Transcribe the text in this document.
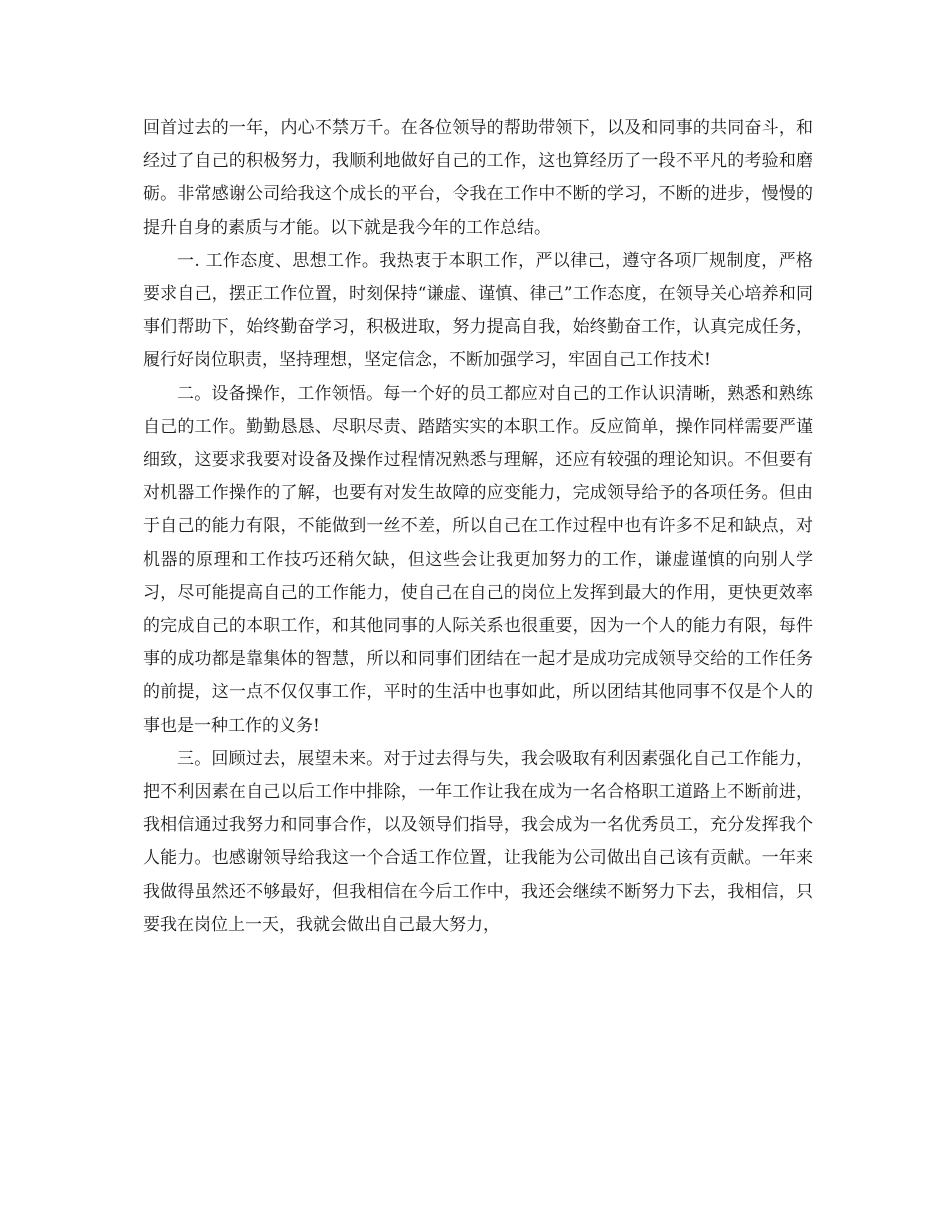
回首过去的一年，内心不禁万千。在各位领导的帮助带领下，以及和同事的共同奋斗，和经过了自己的积极努力，我顺利地做好自己的工作，这也算经历了一段不平凡的考验和磨砺。非常感谢公司给我这个成长的平台，令我在工作中不断的学习，不断的进步，慢慢的提升自身的素质与才能。以下就是我今年的工作总结。

一. 工作态度、思想工作。我热衷于本职工作，严以律己，遵守各项厂规制度，严格要求自己，摆正工作位置，时刻保持“谦虚、谨慎、律己”工作态度，在领导关心培养和同事们帮助下，始终勤奋学习，积极进取，努力提高自我，始终勤奋工作，认真完成任务，履行好岗位职责，坚持理想，坚定信念，不断加强学习，牢固自己工作技术!

二。设备操作，工作领悟。每一个好的员工都应对自己的工作认识清晰，熟悉和熟练自己的工作。勤勤恳恳、尽职尽责、踏踏实实的本职工作。反应简单，操作同样需要严谨细致，这要求我要对设备及操作过程情况熟悉与理解，还应有较强的理论知识。不但要有对机器工作操作的了解，也要有对发生故障的应变能力，完成领导给予的各项任务。但由于自己的能力有限，不能做到一丝不差，所以自己在工作过程中也有许多不足和缺点，对机器的原理和工作技巧还稍欠缺，但这些会让我更加努力的工作，谦虚谨慎的向别人学习，尽可能提高自己的工作能力，使自己在自己的岗位上发挥到最大的作用，更快更效率的完成自己的本职工作，和其他同事的人际关系也很重要，因为一个人的能力有限，每件事的成功都是靠集体的智慧，所以和同事们团结在一起才是成功完成领导交给的工作任务的前提，这一点不仅仅事工作，平时的生活中也事如此，所以团结其他同事不仅是个人的事也是一种工作的义务!

三。回顾过去，展望未来。对于过去得与失，我会吸取有利因素强化自己工作能力，把不利因素在自己以后工作中排除，一年工作让我在成为一名合格职工道路上不断前进，我相信通过我努力和同事合作，以及领导们指导，我会成为一名优秀员工，充分发挥我个人能力。也感谢领导给我这一个合适工作位置，让我能为公司做出自己该有贡献。一年来我做得虽然还不够最好，但我相信在今后工作中，我还会继续不断努力下去，我相信，只要我在岗位上一天，我就会做出自己最大努力，
